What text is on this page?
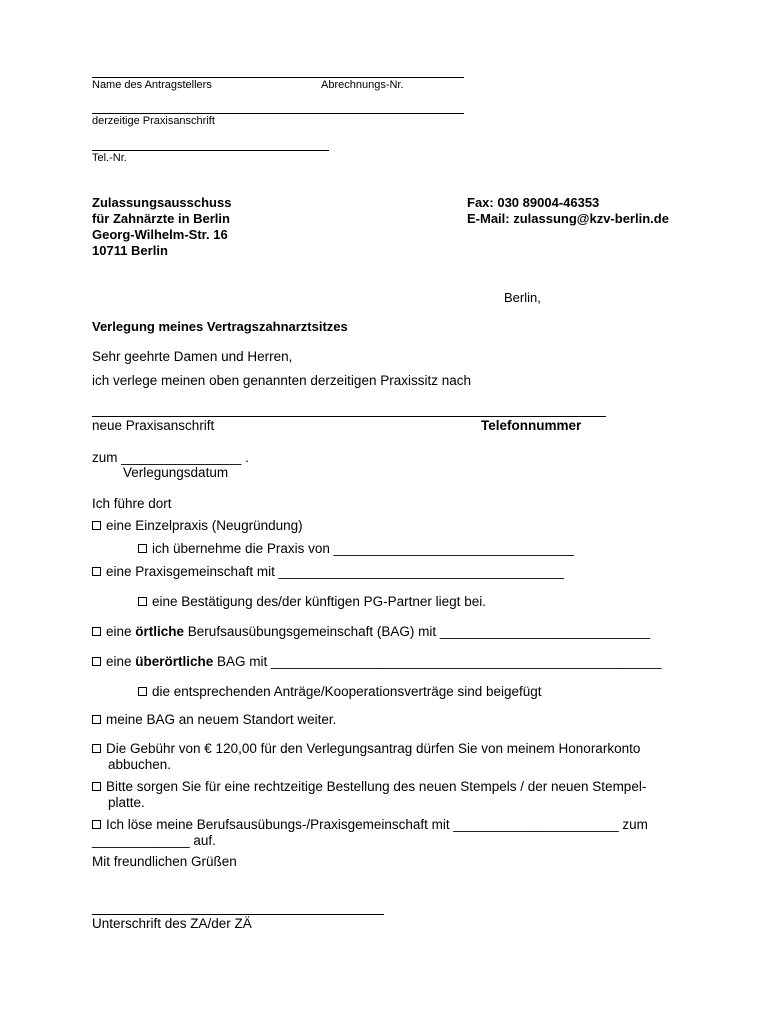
Name des Antragstellers	Abrechnungs-Nr.
derzeitige Praxisanschrift
Tel.-Nr.
Zulassungsausschuss
für Zahnärzte in Berlin
Georg-Wilhelm-Str. 16
10711 Berlin
Fax: 030 89004-46353
E-Mail: zulassung@kzv-berlin.de
Berlin,
Verlegung meines Vertragszahnarztsitzes
Sehr geehrte Damen und Herren,
ich verlege meinen oben genannten derzeitigen Praxissitz nach
neue Praxisanschrift	Telefonnummer
zum ________________ .
Verlegungsdatum
Ich führe dort
eine Einzelpraxis (Neugründung)
ich übernehme die Praxis von ________________________________
eine Praxisgemeinschaft mit ______________________________________
eine Bestätigung des/der künftigen PG-Partner liegt bei.
eine örtliche Berufsausübungsgemeinschaft (BAG) mit ____________________________
eine überörtliche BAG mit ____________________________________________________
die entsprechenden Anträge/Kooperationsverträge sind beigefügt
meine BAG an neuem Standort weiter.
Die Gebühr von € 120,00 für den Verlegungsantrag dürfen Sie von meinem Honorarkonto
abbuchen.
Bitte sorgen Sie für eine rechtzeitige Bestellung des neuen Stempels / der neuen Stempel-
platte.
Ich löse meine Berufsausübungs-/Praxisgemeinschaft mit ______________________ zum
_____________ auf.
Mit freundlichen Grüßen
Unterschrift des ZA/der ZÄ
